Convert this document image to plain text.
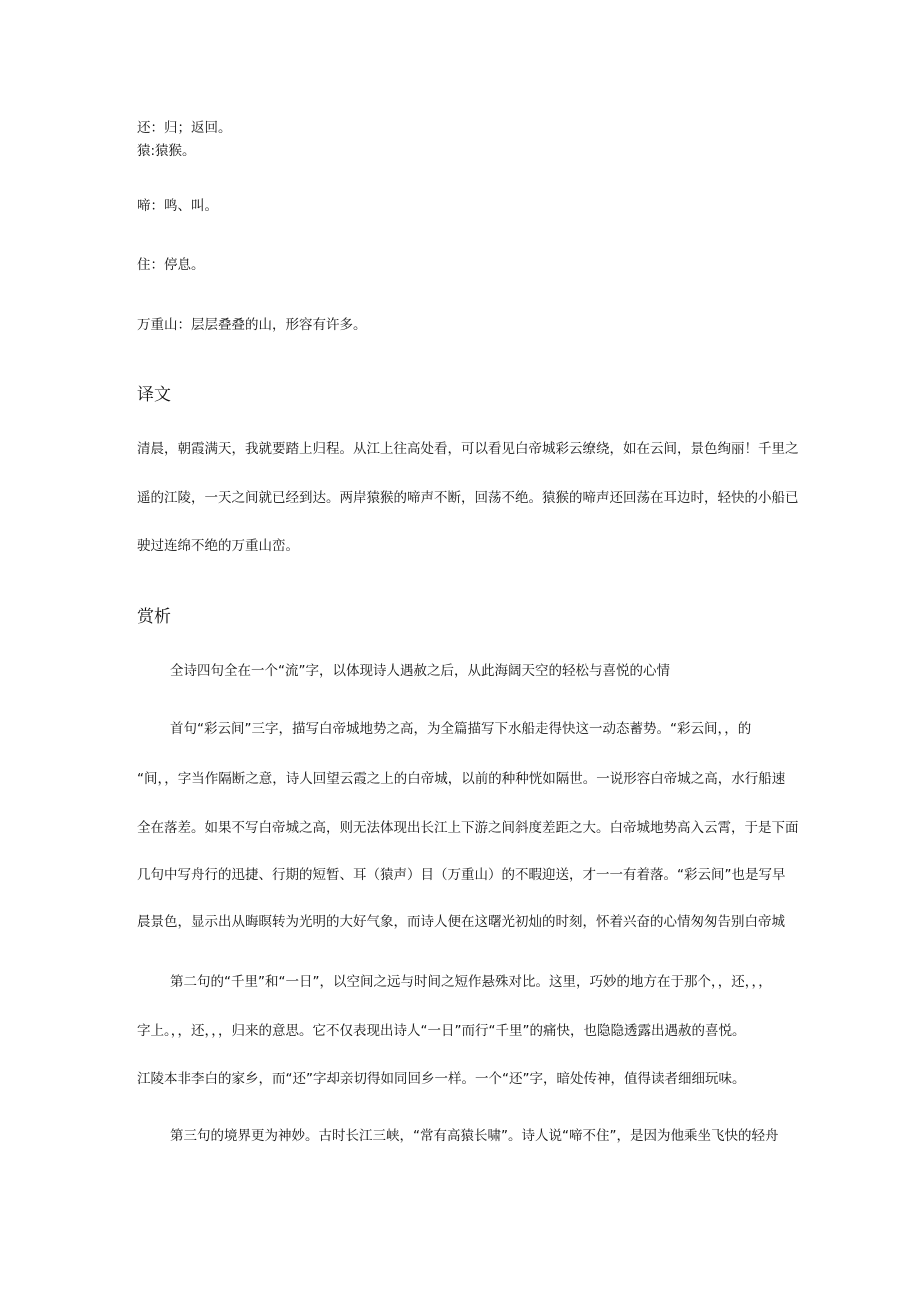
还：归；返回。

猿:猿猴。

啼：鸣、叫。

住：停息。

万重山：层层叠叠的山，形容有许多。

译文

清晨，朝霞满天，我就要踏上归程。从江上往高处看，可以看见白帝城彩云缭绕，如在云间，景色绚丽！千里之

遥的江陵，一天之间就已经到达。两岸猿猴的啼声不断，回荡不绝。猿猴的啼声还回荡在耳边时，轻快的小船已

驶过连绵不绝的万重山峦。

赏析

全诗四句全在一个“流”字，以体现诗人遇赦之后，从此海阔天空的轻松与喜悦的心情

首句“彩云间”三字，描写白帝城地势之高，为全篇描写下水船走得快这一动态蓄势。“彩云间，，的

“间，，字当作隔断之意，诗人回望云霞之上的白帝城，以前的种种恍如隔世。一说形容白帝城之高，水行船速

全在落差。如果不写白帝城之高，则无法体现出长江上下游之间斜度差距之大。白帝城地势高入云霄，于是下面

几句中写舟行的迅捷、行期的短暂、耳（猿声）目（万重山）的不暇迎送，才一一有着落。“彩云间”也是写早

晨景色，显示出从晦暝转为光明的大好气象，而诗人便在这曙光初灿的时刻，怀着兴奋的心情匆匆告别白帝城

第二句的“千里”和“一日”，以空间之远与时间之短作悬殊对比。这里，巧妙的地方在于那个，，还，，，

字上。，，还，，，归来的意思。它不仅表现出诗人“一日”而行“千里”的痛快，也隐隐透露出遇赦的喜悦。

江陵本非李白的家乡，而“还”字却亲切得如同回乡一样。一个“还”字，暗处传神，值得读者细细玩味。

第三句的境界更为神妙。古时长江三峡，“常有高猿长啸”。诗人说“啼不住”，是因为他乘坐飞快的轻舟
